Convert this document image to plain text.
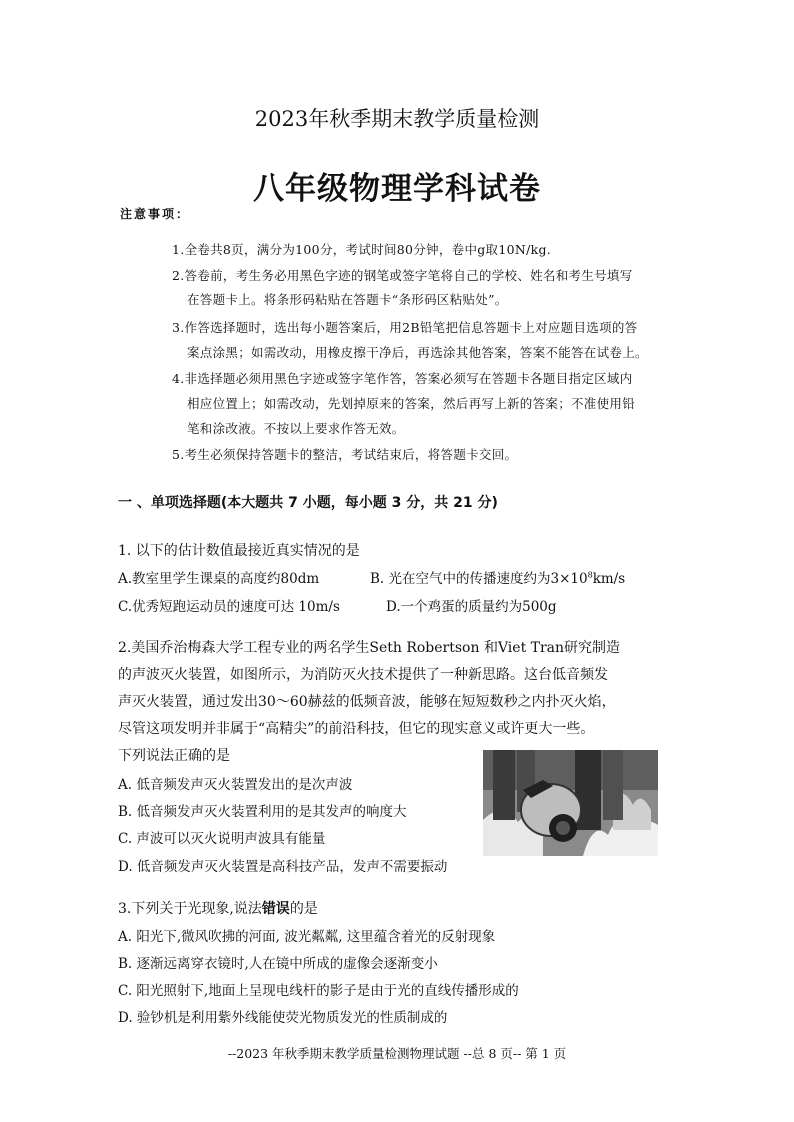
2023年秋季期末教学质量检测
八年级物理学科试卷
注意事项：
1.全卷共8页，满分为100分，考试时间80分钟，卷中g取10N/kg.
2.答卷前，考生务必用黑色字迹的钢笔或签字笔将自己的学校、姓名和考生号填写
在答题卡上。将条形码粘贴在答题卡“条形码区粘贴处”。
3.作答选择题时，选出每小题答案后，用2B铅笔把信息答题卡上对应题目选项的答
案点涂黑；如需改动，用橡皮擦干净后，再选涂其他答案，答案不能答在试卷上。
4.非选择题必须用黑色字迹或签字笔作答，答案必须写在答题卡各题目指定区域内
相应位置上；如需改动，先划掉原来的答案，然后再写上新的答案；不准使用铅
笔和涂改液。不按以上要求作答无效。
5.考生必须保持答题卡的整洁，考试结束后，将答题卡交回。
一 、单项选择题(本大题共 7 小题，每小题 3 分，共 21 分)
1. 以下的估计数值最接近真实情况的是
A.教室里学生课桌的高度约80dm	B. 光在空气中的传播速度约为$3\times 10^8km/s$
C.优秀短跑运动员的速度可达 10m/s	D.一个鸡蛋的质量约为500g
2.美国乔治梅森大学工程专业的两名学生Seth Robertson 和Viet Tran研究制造
的声波灭火装置，如图所示，为消防灭火技术提供了一种新思路。这台低音频发
声灭火装置，通过发出30～60赫兹的低频音波，能够在短短数秒之内扑灭火焰，
尽管这项发明并非属于“高精尖”的前沿科技，但它的现实意义或许更大一些。
下列说法正确的是
A. 低音频发声灭火装置发出的是次声波
B. 低音频发声灭火装置利用的是其发声的响度大
C. 声波可以灭火说明声波具有能量
D. 低音频发声灭火装置是高科技产品，发声不需要振动
3.下列关于光现象,说法错误的是
A. 阳光下,微风吹拂的河面, 波光粼粼, 这里蕴含着光的反射现象
B. 逐渐远离穿衣镜时,人在镜中所成的虚像会逐渐变小
C. 阳光照射下,地面上呈现电线杆的影子是由于光的直线传播形成的
D. 验钞机是利用紫外线能使荧光物质发光的性质制成的
--2023 年秋季期末教学质量检测物理试题 --总 8 页-- 第 1 页
